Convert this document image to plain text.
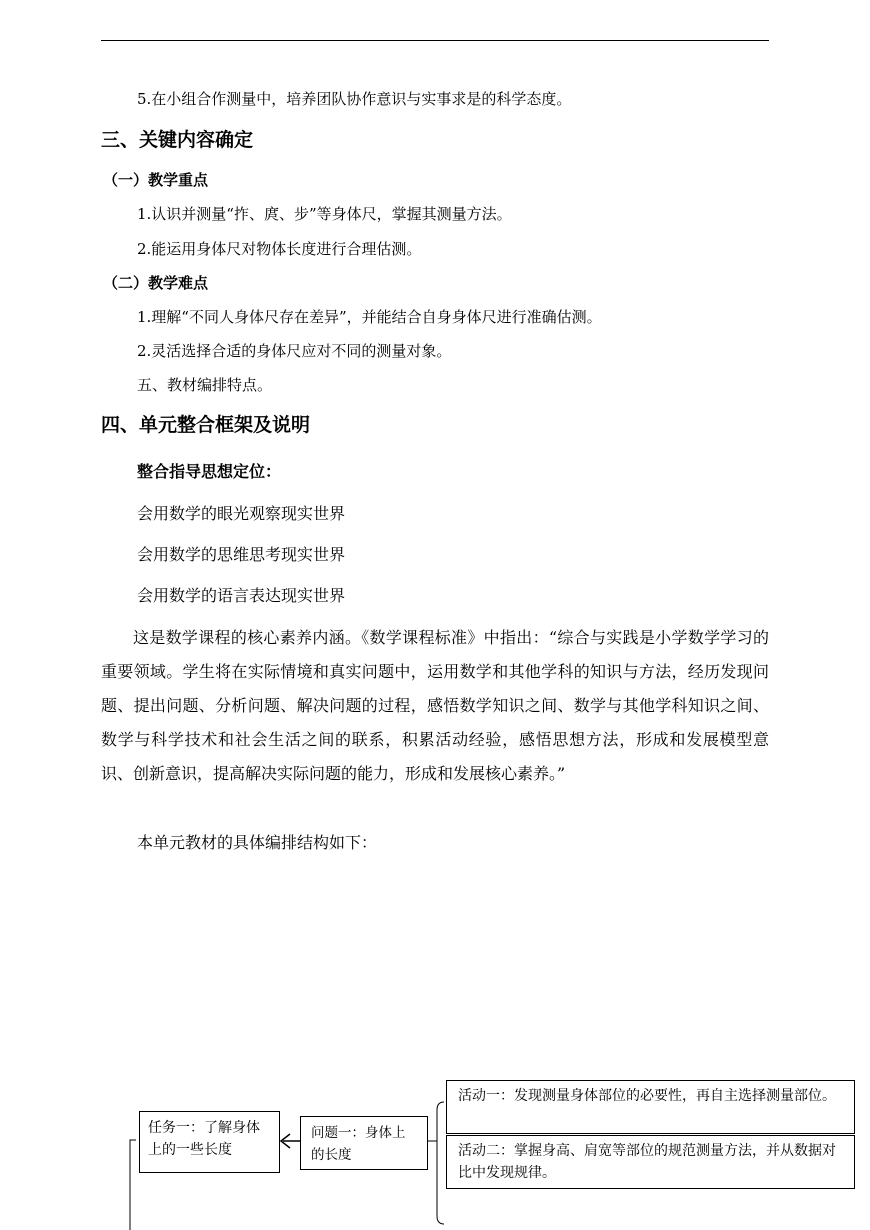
5.在小组合作测量中，培养团队协作意识与实事求是的科学态度。
三、关键内容确定
（一）教学重点
1.认识并测量“拃、庹、步”等身体尺，掌握其测量方法。
2.能运用身体尺对物体长度进行合理估测。
（二）教学难点
1.理解“不同人身体尺存在差异”，并能结合自身身体尺进行准确估测。
2.灵活选择合适的身体尺应对不同的测量对象。
五、教材编排特点。
四、单元整合框架及说明
整合指导思想定位：
会用数学的眼光观察现实世界
会用数学的思维思考现实世界
会用数学的语言表达现实世界
这是数学课程的核心素养内涵。《数学课程标准》中指出：“综合与实践是小学数学学习的重要领域。学生将在实际情境和真实问题中，运用数学和其他学科的知识与方法，经历发现问题、提出问题、分析问题、解决问题的过程，感悟数学知识之间、数学与其他学科知识之间、数学与科学技术和社会生活之间的联系，积累活动经验，感悟思想方法，形成和发展模型意识、创新意识，提高解决实际问题的能力，形成和发展核心素养。”
本单元教材的具体编排结构如下：
任务一：了解身体上的一些长度
问题一：身体上的长度
活动一：发现测量身体部位的必要性，再自主选择测量部位。
活动二：掌握身高、肩宽等部位的规范测量方法，并从数据对比中发现规律。
